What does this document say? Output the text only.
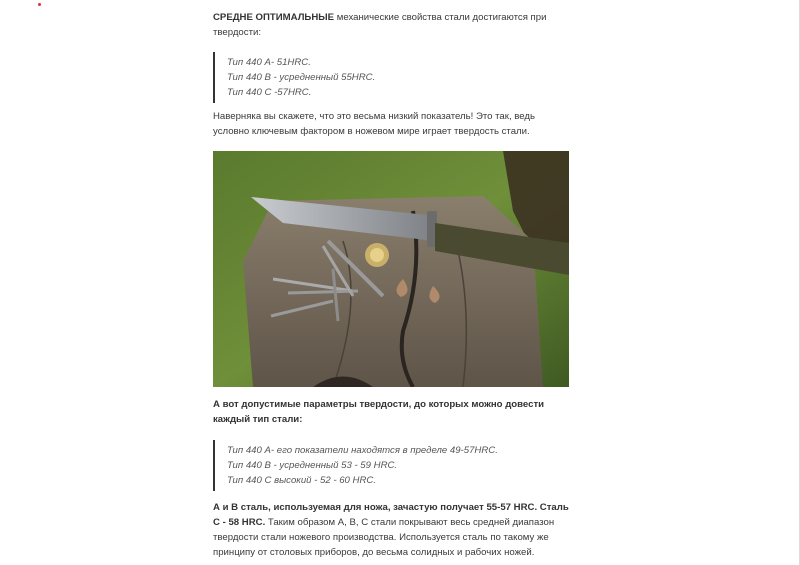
СРЕДНЕ ОПТИМАЛЬНЫЕ механические свойства стали достигаются при твердости:

Тип 440 А- 51HRC.
Тип 440 В - усредненный 55HRC.
Тип 440 С -57HRC.

Наверняка вы скажете, что это весьма низкий показатель! Это так, ведь условно ключевым фактором в ножевом мире играет твердость стали.

А вот допустимые параметры твердости, до которых можно довести каждый тип стали:

Тип 440 А- его показатели находятся в пределе 49-57HRC.
Тип 440 В - усредненный 53 - 59 HRC.
Тип 440 С высокий - 52 - 60 HRC.

А и В сталь, используемая для ножа, зачастую получает 55-57 HRC. Сталь С - 58 HRC. Таким образом А, В, С стали покрывают весь средней диапазон твердости стали ножевого производства. Используется сталь по такому же принципу от столовых приборов, до весьма солидных и рабочих ножей.
